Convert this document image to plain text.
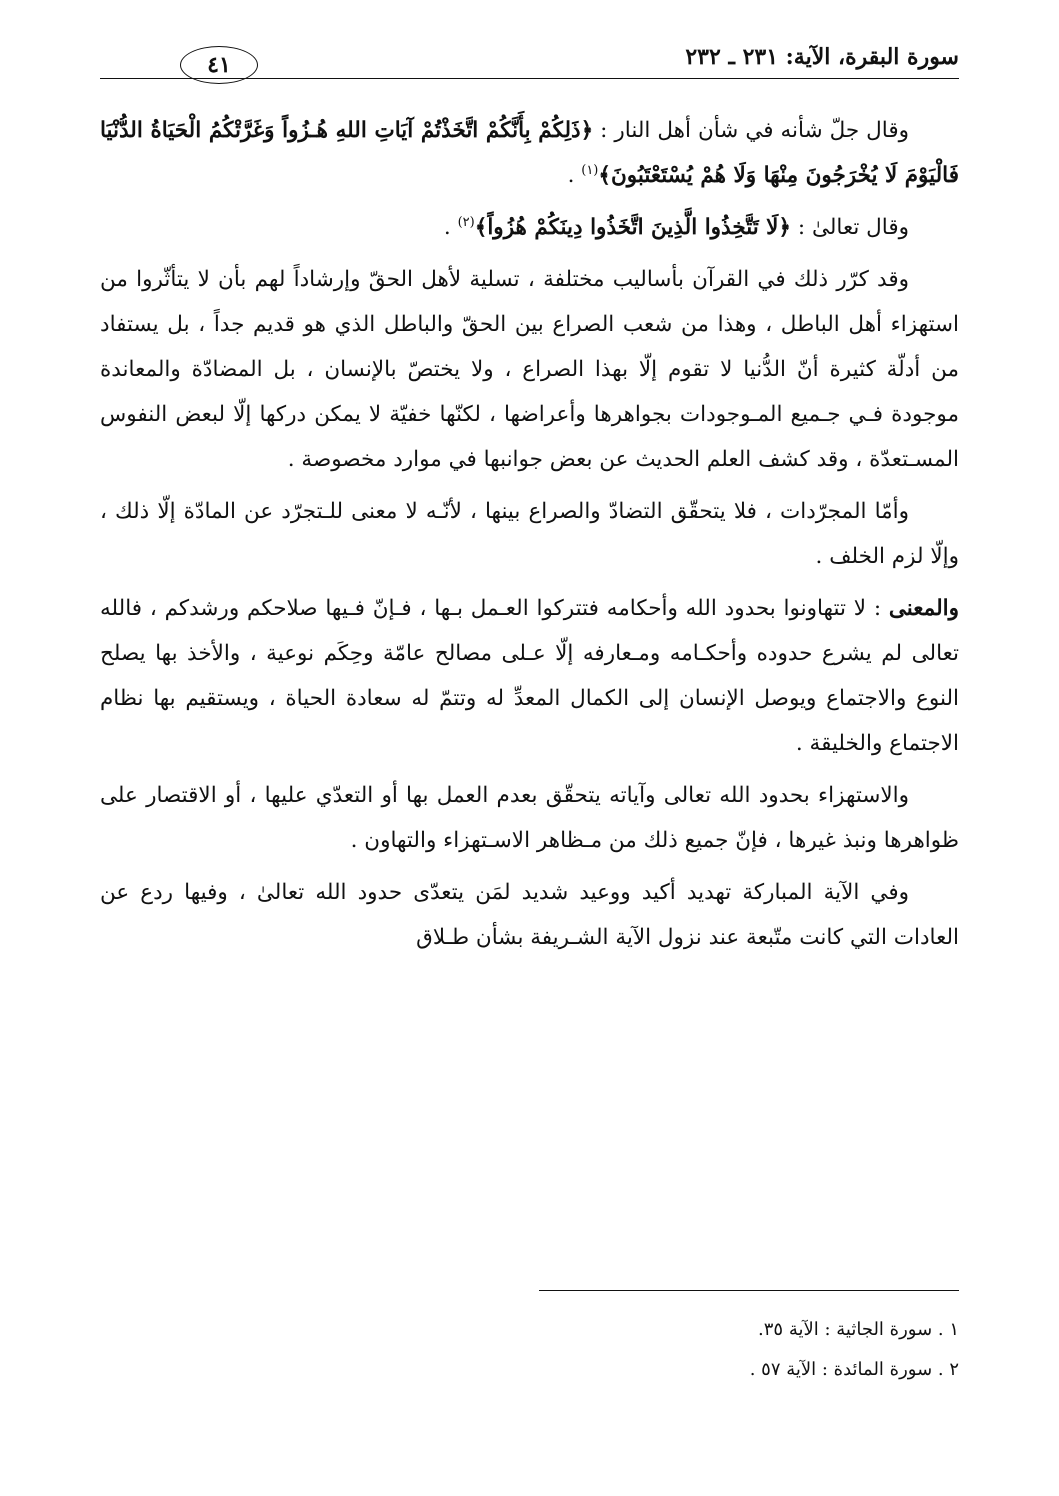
سورة البقرة، الآية: ٢٣١ ـ ٢٣٢
٤١

وقال جلّ شأنه في شأن أهل النار : ﴿ذَلِكُمْ بِأَنَّكُمْ اتَّخَذْتُمْ آيَاتِ اللهِ هُـزُواً وَغَرَّتْكُمُ الْحَيَاةُ الدُّنْيَا فَالْيَوْمَ لَا يُخْرَجُونَ مِنْهَا وَلَا هُمْ يُسْتَعْتَبُونَ﴾$^{(١)}$ .

وقال تعالىٰ : ﴿لَا تَتَّخِذُوا الَّذِينَ اتَّخَذُوا دِينَكُمْ هُزُواً﴾$^{(٢)}$ .

وقد كرّر ذلك في القرآن بأساليب مختلفة ، تسلية لأهل الحقّ وإرشاداً لهم بأن لا يتأثّروا من استهزاء أهل الباطل ، وهذا من شعب الصراع بين الحقّ والباطل الذي هو قديم جداً ، بل يستفاد من أدلّة كثيرة أنّ الدُّنيا لا تقوم إلّا بهذا الصراع ، ولا يختصّ بالإنسان ، بل المضادّة والمعاندة موجودة فـي جـميع المـوجودات بجواهرها وأعراضها ، لكنّها خفيّة لا يمكن دركها إلّا لبعض النفوس المسـتعدّة ، وقد كشف العلم الحديث عن بعض جوانبها في موارد مخصوصة .

وأمّا المجرّدات ، فلا يتحقّق التضادّ والصراع بينها ، لأنّـه لا معنى للـتجرّد عن المادّة إلّا ذلك ، وإلّا لزم الخلف .

والمعنى : لا تتهاونوا بحدود الله وأحكامه فتتركوا العـمل بـها ، فـإنّ فـيها صلاحكم ورشدكم ، فالله تعالى لم يشرع حدوده وأحكـامه ومـعارفه إلّا عـلى مصالح عامّة وحِكَم نوعية ، والأخذ بها يصلح النوع والاجتماع ويوصل الإنسان إلى الكمال المعدِّ له وتتمّ له سعادة الحياة ، ويستقيم بها نظام الاجتماع والخليقة .

والاستهزاء بحدود الله تعالى وآياته يتحقّق بعدم العمل بها أو التعدّي عليها ، أو الاقتصار على ظواهرها ونبذ غيرها ، فإنّ جميع ذلك من مـظاهر الاسـتهزاء والتهاون .

وفي الآية المباركة تهديد أكيد ووعيد شديد لمَن يتعدّى حدود الله تعالىٰ ، وفيها ردع عن العادات التي كانت متّبعة عند نزول الآية الشـريفة بشأن طـلاق

١ . سورة الجاثية : الآية ٣٥.

٢ . سورة المائدة : الآية ٥٧ .
